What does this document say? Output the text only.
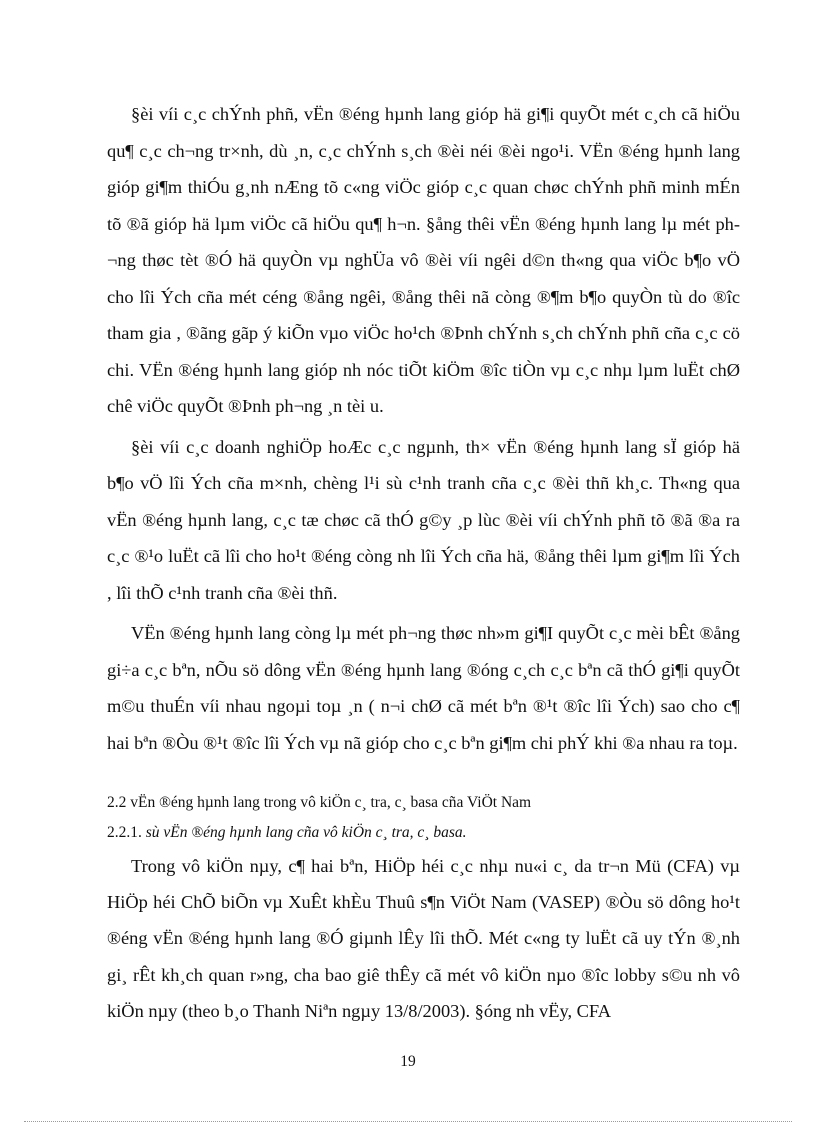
§èi víi c¸c chÝnh phñ, vËn ®éng hµnh lang gióp hä gi¶i quyÕt mét c¸ch cã hiÖu qu¶ c¸c ch¬ng tr×nh, dù ¸n, c¸c chÝnh s¸ch ®èi néi ®èi ngo¹i. VËn ®éng hµnh lang gióp gi¶m thiÓu g¸nh nÆng tõ c«ng viÖc gióp c¸c quan chøc chÝnh phñ minh mÉn tõ ®ã gióp hä lµm viÖc cã hiÖu qu¶ h¬n. §ång thêi vËn ®éng hµnh lang lµ mét ph¬ng thøc tèt ®Ó hä quyÒn vµ nghÜa vô ®èi víi ngêi d©n th«ng qua viÖc b¶o vÖ cho lîi Ých cña mét céng ®ång ngêi, ®ång thêi nã còng ®¶m b¶o quyÒn tù do ®îc tham gia , ®ãng gãp ý kiÕn vµo viÖc ho¹ch ®Þnh chÝnh s¸ch chÝnh phñ cña c¸c cö chi. VËn ®éng hµnh lang gióp nh nóc tiÕt kiÖm ®îc tiÒn vµ c¸c nhµ lµm luËt chØ chê viÖc quyÕt ®Þnh ph¬ng ¸n tèi u.

§èi víi c¸c doanh nghiÖp hoÆc c¸c ngµnh, th× vËn ®éng hµnh lang sÏ gióp hä b¶o vÖ lîi Ých cña m×nh, chèng l¹i sù c¹nh tranh cña c¸c ®èi thñ kh¸c. Th«ng qua vËn ®éng hµnh lang, c¸c tæ chøc cã thÓ g©y ¸p lùc ®èi víi chÝnh phñ tõ ®ã ®a ra c¸c ®¹o luËt cã lîi cho ho¹t ®éng còng nh lîi Ých cña hä, ®ång thêi lµm gi¶m lîi Ých , lîi thÕ c¹nh tranh cña ®èi thñ.

VËn ®éng hµnh lang còng lµ mét ph¬ng thøc nh»m gi¶I quyÕt c¸c mèi bÊt ®ång gi÷a c¸c bªn, nÕu sö dông vËn ®éng hµnh lang ®óng c¸ch c¸c bªn cã thÓ gi¶i quyÕt m©u thuÉn víi nhau ngoµi toµ ¸n ( n¬i chØ cã mét bªn ®¹t ®îc lîi Ých) sao cho c¶ hai bªn ®Òu ®¹t ®îc lîi Ých vµ nã gióp cho c¸c bªn gi¶m chi phÝ khi ®a nhau ra toµ.

2.2 vËn ®éng hµnh lang trong vô kiÖn c¸ tra, c¸ basa cña ViÖt Nam

2.2.1. sù vËn ®éng hµnh lang cña vô kiÖn c¸ tra, c¸ basa.

Trong vô kiÖn nµy, c¶ hai bªn, HiÖp héi c¸c nhµ nu«i c¸ da tr¬n Mü (CFA) vµ HiÖp héi ChÕ biÕn vµ XuÊt khÈu Thuû s¶n ViÖt Nam (VASEP) ®Òu sö dông ho¹t ®éng vËn ®éng hµnh lang ®Ó giµnh lÊy lîi thÕ. Mét c«ng ty luËt cã uy tÝn ®¸nh gi¸ rÊt kh¸ch quan r»ng, cha bao giê thÊy cã mét vô kiÖn nµo ®îc lobby s©u nh vô kiÖn nµy (theo b¸o Thanh Niªn ngµy 13/8/2003). §óng nh vËy, CFA

19
